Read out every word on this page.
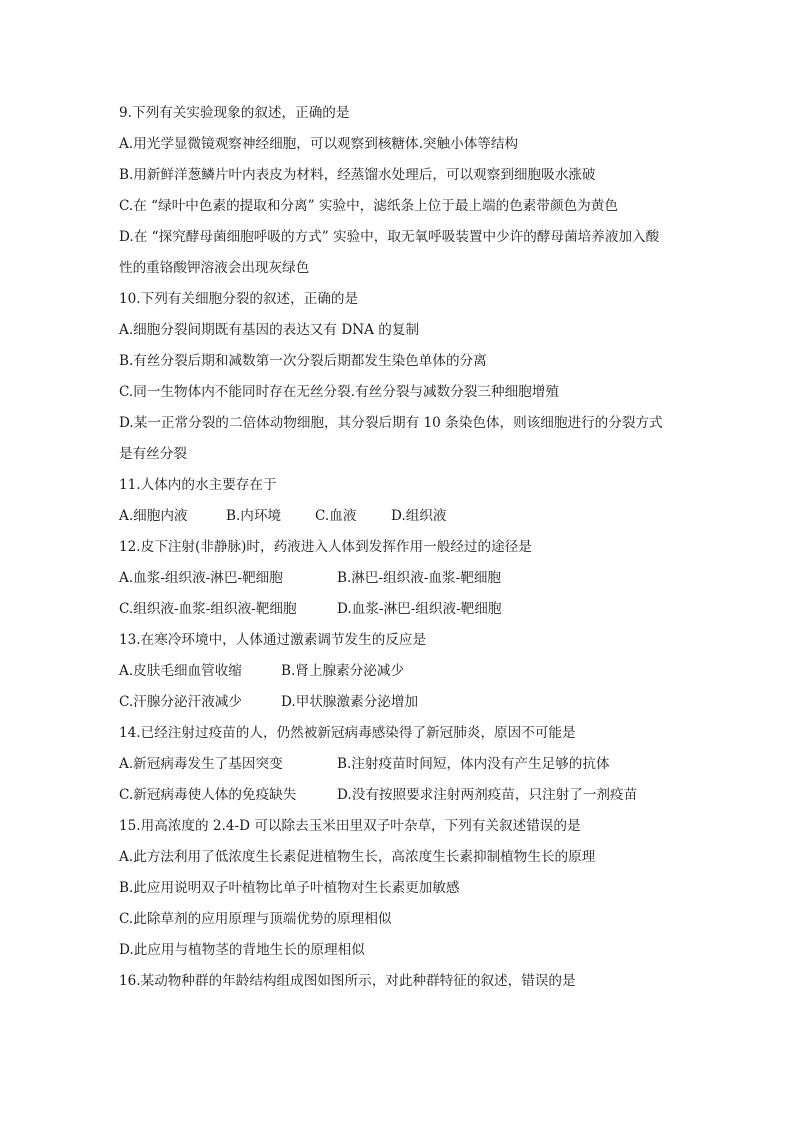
9.下列有关实验现象的叙述，正确的是
A.用光学显微镜观察神经细胞，可以观察到核糖体.突触小体等结构
B.用新鲜洋葱鳞片叶内表皮为材料，经蒸馏水处理后，可以观察到细胞吸水涨破
C.在 “绿叶中色素的提取和分离” 实验中，滤纸条上位于最上端的色素带颜色为黄色
D.在 “探究酵母菌细胞呼吸的方式” 实验中，取无氧呼吸装置中少许的酵母菌培养液加入酸
性的重铬酸钾溶液会出现灰绿色
10.下列有关细胞分裂的叙述，正确的是
A.细胞分裂间期既有基因的表达又有 DNA 的复制
B.有丝分裂后期和减数第一次分裂后期都发生染色单体的分离
C.同一生物体内不能同时存在无丝分裂.有丝分裂与减数分裂三种细胞增殖
D.某一正常分裂的二倍体动物细胞，其分裂后期有 10 条染色体，则该细胞进行的分裂方式
是有丝分裂
11.人体内的水主要存在于
A.细胞内液	B.内环境 C.血液	D.组织液
12.皮下注射(非静脉)时，药液进入人体到发挥作用一般经过的途径是
A.血浆-组织液-淋巴-靶细胞	B.淋巴-组织液-血浆-靶细胞
C.组织液-血浆-组织液-靶细胞	D.血浆-淋巴-组织液-靶细胞
13.在寒冷环境中，人体通过激素调节发生的反应是
A.皮肤毛细血管收缩	B.肾上腺素分泌减少
C.汗腺分泌汗液减少	D.甲状腺激素分泌增加
14.已经注射过疫苗的人，仍然被新冠病毒感染得了新冠肺炎，原因不可能是
A.新冠病毒发生了基因突变	B.注射疫苗时间短，体内没有产生足够的抗体
C.新冠病毒使人体的免疫缺失	D.没有按照要求注射两剂疫苗，只注射了一剂疫苗
15.用高浓度的 2.4-D 可以除去玉米田里双子叶杂草，下列有关叙述错误的是
A.此方法利用了低浓度生长素促进植物生长，高浓度生长素抑制植物生长的原理
B.此应用说明双子叶植物比单子叶植物对生长素更加敏感
C.此除草剂的应用原理与顶端优势的原理相似
D.此应用与植物茎的背地生长的原理相似
16.某动物种群的年龄结构组成图如图所示，对此种群特征的叙述，错误的是
